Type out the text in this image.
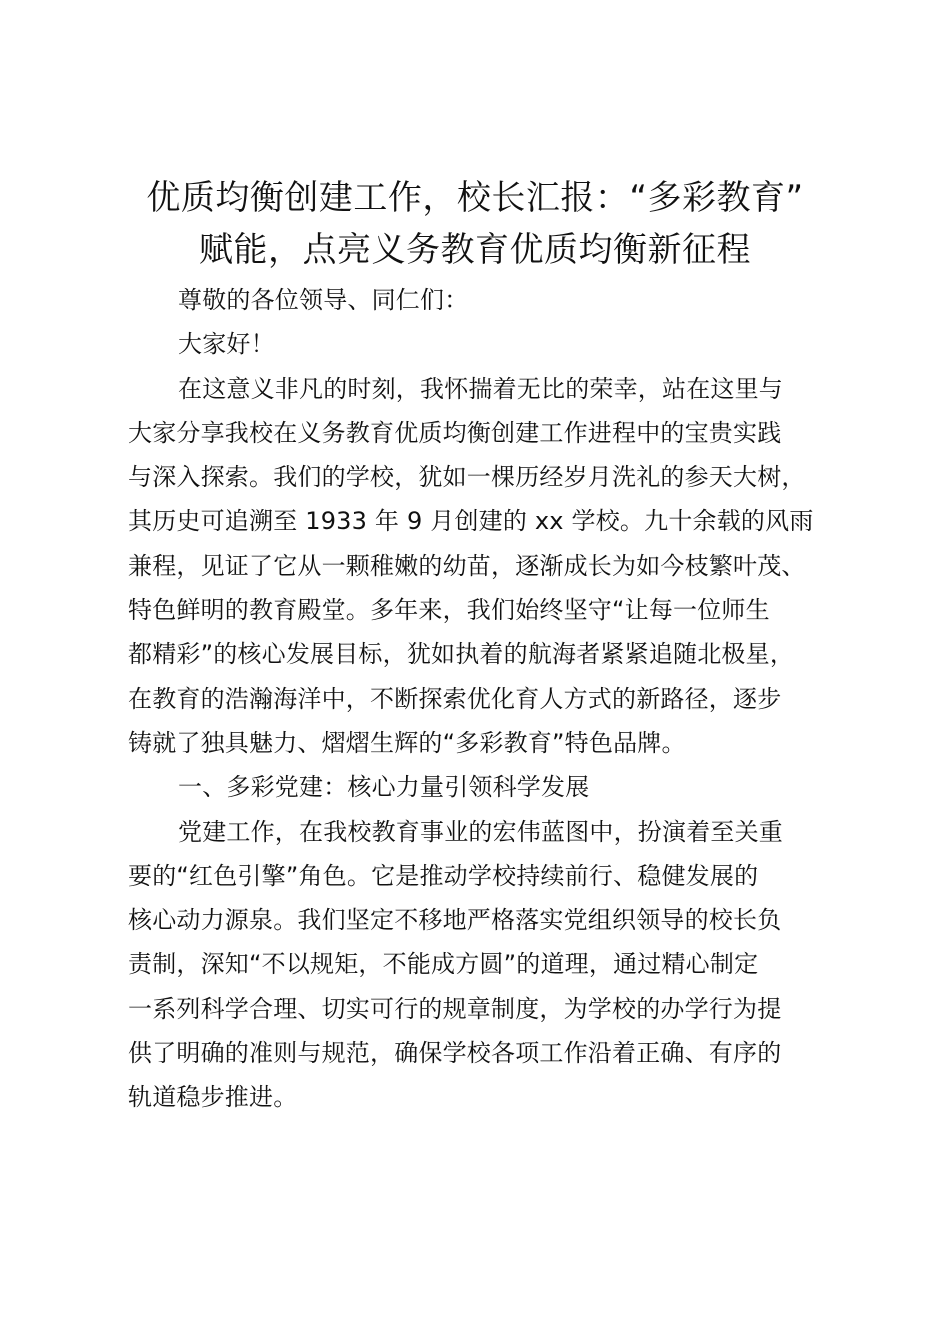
优质均衡创建工作，校长汇报：“多彩教育”
赋能，点亮义务教育优质均衡新征程
尊敬的各位领导、同仁们：
大家好！
在这意义非凡的时刻，我怀揣着无比的荣幸，站在这里与
大家分享我校在义务教育优质均衡创建工作进程中的宝贵实践
与深入探索。我们的学校，犹如一棵历经岁月洗礼的参天大树，
其历史可追溯至 1933 年 9 月创建的 xx 学校。九十余载的风雨
兼程，见证了它从一颗稚嫩的幼苗，逐渐成长为如今枝繁叶茂、
特色鲜明的教育殿堂。多年来，我们始终坚守“让每一位师生
都精彩”的核心发展目标，犹如执着的航海者紧紧追随北极星，
在教育的浩瀚海洋中，不断探索优化育人方式的新路径，逐步
铸就了独具魅力、熠熠生辉的“多彩教育”特色品牌。
一、多彩党建：核心力量引领科学发展
党建工作，在我校教育事业的宏伟蓝图中，扮演着至关重
要的“红色引擎”角色。它是推动学校持续前行、稳健发展的
核心动力源泉。我们坚定不移地严格落实党组织领导的校长负
责制，深知“不以规矩，不能成方圆”的道理，通过精心制定
一系列科学合理、切实可行的规章制度，为学校的办学行为提
供了明确的准则与规范，确保学校各项工作沿着正确、有序的
轨道稳步推进。
